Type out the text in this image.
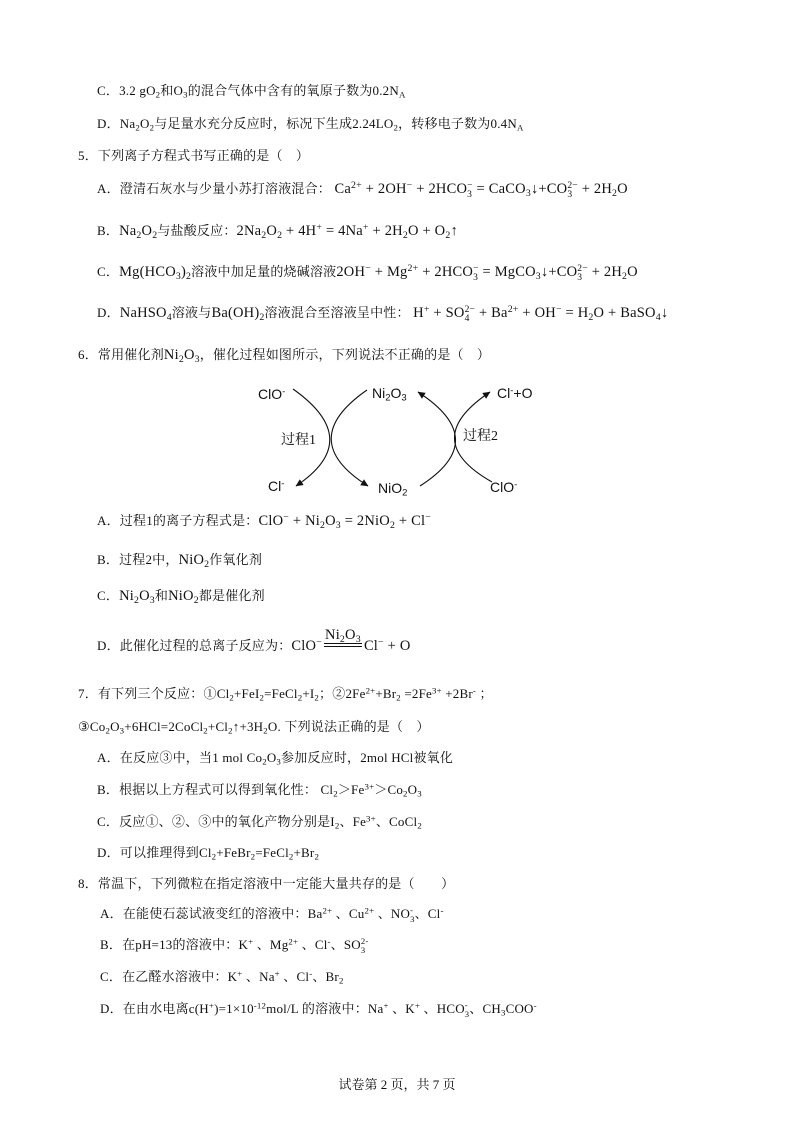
C．3.2 $gO_2$和$O_3$的混合气体中含有的氧原子数为$0.2N_A$
D．$Na_2O_2$与足量水充分反应时，标况下生成$2.24LO_2$，转移电子数为$0.4N_A$
5．下列离子方程式书写正确的是（　）
A．澄清石灰水与少量小苏打溶液混合： $Ca^{2+} + 2OH^- + 2HCO$ −
3 = CaCO$_3$↓+CO 2−
$3 + 2H_2O$
B．$Na_2O_2$与盐酸反应：$2Na_2O_2 + 4H^+ = 4Na^+ + 2H_2O$ + $O_2↑$
C．$Mg(HCO_3)_2$溶液中加足量的烧碱溶液$2OH^- + Mg^{2+} + 2HCO$ −
3 = MgCO$_3$↓+CO 2−
$3 + 2H_2O$
D．NaHSO$_4$溶液与$Ba(OH)_2$溶液混合至溶液呈中性： H+ + SO 2−
$4 + Ba^{2+} + OH^- = H_2O$ + BaSO$_4$↓
6．常用催化剂$Ni_2O_3$，催化过程如图所示，下列说法不正确的是（　）
ClO-	$Ni_2O_3$	Cl-+O
过程1	过程2
Cl-	NiO$_2$	ClO-
A．过程1的离子方程式是：$ClO^- + Ni_2O_3 = 2NiO_2 + Cl^-$
B．过程2中，NiO$_2$作氧化剂
C．$Ni_2O_3$和NiO$_2$都是催化剂
D．此催化过程的总离子反应为：ClO− $Ni_2O_3$ Cl− + O
7．有下列三个反应：$①Cl_2+FeI_2=FeCl_2+I_2$；$②2Fe^{2+}+Br_2 =2Fe^{3+} +2Br^-$ ；
$③Co_2O_3+6HCl=2CoCl_2+Cl_2↑+3H_2O$. 下列说法正确的是（　）
A．在反应③中，当1 mol $Co_2O_3$参加反应时，2mol HCl被氧化
B．根据以上方程式可以得到氧化性： $Cl_2>Fe^{3+}>Co_2O_3$
C．反应①、②、③中的氧化产物分别是$I_2$、$Fe^{3+}$、CoCl$_2$
D．可以推理得到$Cl_2+FeBr_2=FeCl_2+Br_2$
8．常温下，下列微粒在指定溶液中一定能大量共存的是（　　）
A．在能使石蕊试液变红的溶液中：$Ba^{2+}$ 、$Cu^{2+}$ 、NO -
3 、Cl-
B．在pH=13的溶液中：K+ 、$Mg^{2+}$ 、Cl-、SO 2-
3
C．在乙醛水溶液中：K+ 、Na+ 、Cl-、$Br_2$
D．在由水电离$c(H^+)=1\times 10^{-12}mol/L$ 的溶液中：Na+ 、K+ 、HCO -
3 、$CH_3COO^-$
试卷第 2 页，共 7 页
